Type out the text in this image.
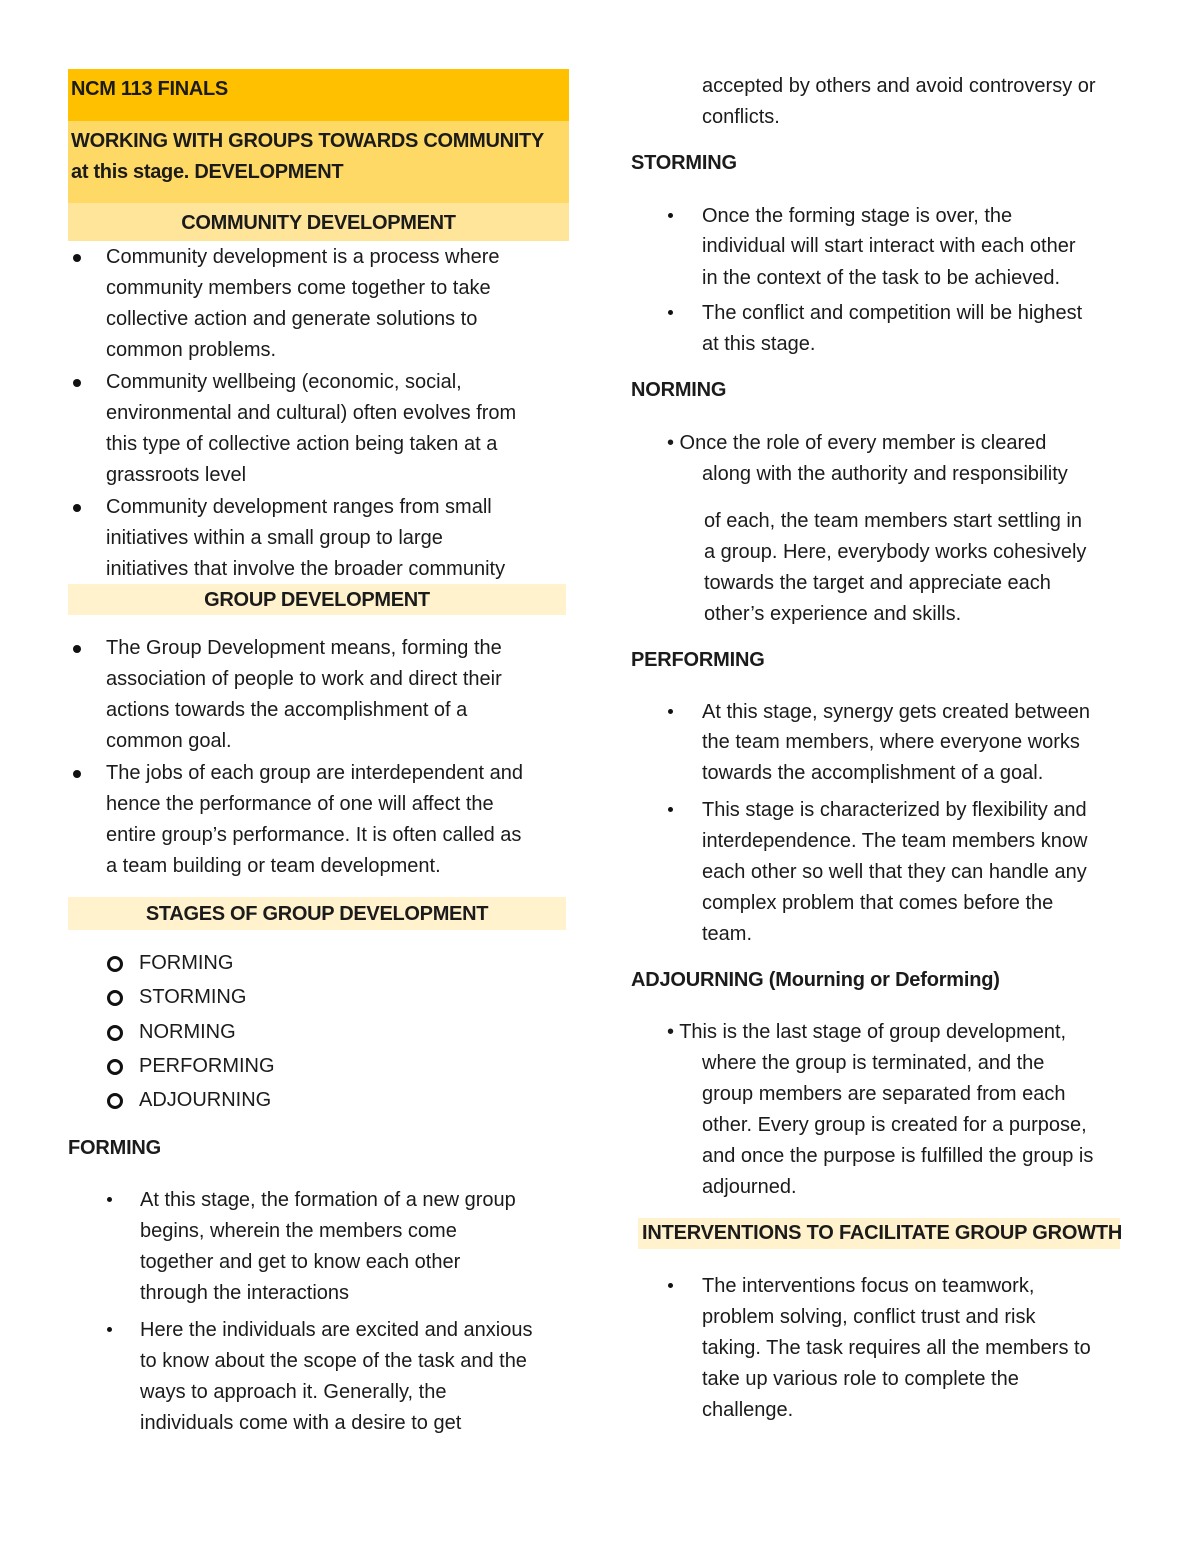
NCM 113 FINALS
WORKING WITH GROUPS TOWARDS COMMUNITY
at this stage. DEVELOPMENT
COMMUNITY DEVELOPMENT
Community development is a process where
community members come together to take
collective action and generate solutions to
common problems.
Community wellbeing (economic, social,
environmental and cultural) often evolves from
this type of collective action being taken at a
grassroots level
Community development ranges from small
initiatives within a small group to large
initiatives that involve the broader community
GROUP DEVELOPMENT
The Group Development means, forming the
association of people to work and direct their
actions towards the accomplishment of a
common goal.
The jobs of each group are interdependent and
hence the performance of one will affect the
entire group’s performance. It is often called as
a team building or team development.
STAGES OF GROUP DEVELOPMENT
FORMING
STORMING
NORMING
PERFORMING
ADJOURNING
FORMING
At this stage, the formation of a new group
begins, wherein the members come
together and get to know each other
through the interactions
Here the individuals are excited and anxious
to know about the scope of the task and the
ways to approach it. Generally, the
individuals come with a desire to get
accepted by others and avoid controversy or
conflicts.
STORMING
Once the forming stage is over, the
individual will start interact with each other
in the context of the task to be achieved.
The conflict and competition will be highest
at this stage.
NORMING
• Once the role of every member is cleared
along with the authority and responsibility
of each, the team members start settling in
a group. Here, everybody works cohesively
towards the target and appreciate each
other’s experience and skills.
PERFORMING
At this stage, synergy gets created between
the team members, where everyone works
towards the accomplishment of a goal.
This stage is characterized by flexibility and
interdependence. The team members know
each other so well that they can handle any
complex problem that comes before the
team.
ADJOURNING (Mourning or Deforming)
• This is the last stage of group development,
where the group is terminated, and the
group members are separated from each
other. Every group is created for a purpose,
and once the purpose is fulfilled the group is
adjourned.
INTERVENTIONS TO FACILITATE GROUP GROWTH
The interventions focus on teamwork,
problem solving, conflict trust and risk
taking. The task requires all the members to
take up various role to complete the
challenge.
